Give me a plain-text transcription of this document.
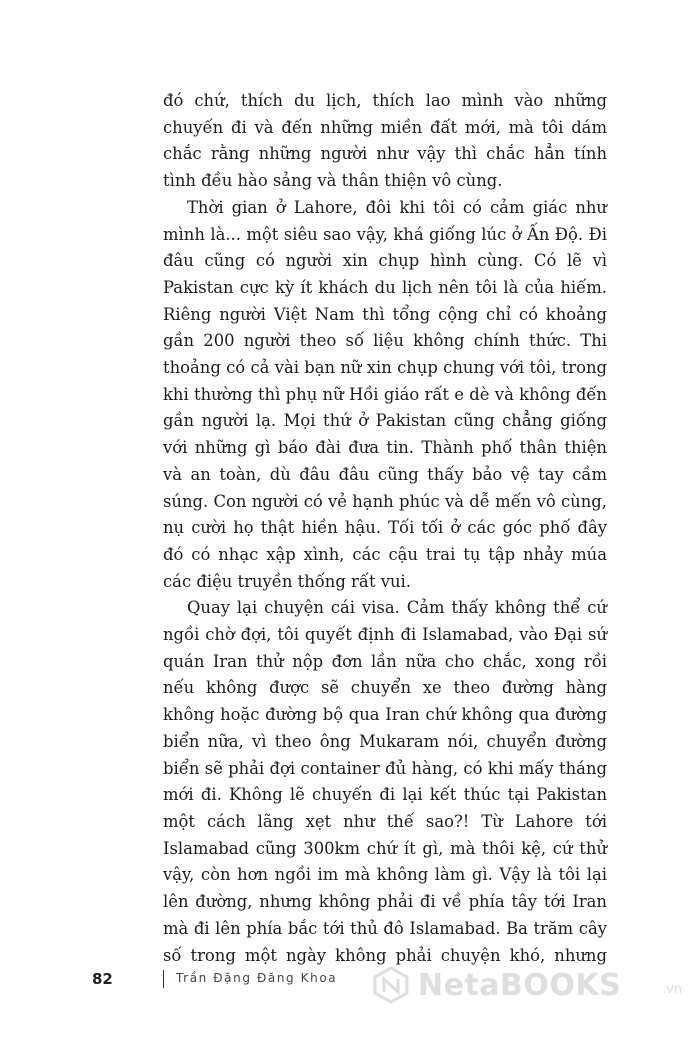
đó chứ, thích du lịch, thích lao mình vào những chuyến đi và đến những miền đất mới, mà tôi dám chắc rằng những người như vậy thì chắc hẳn tính tình đều hào sảng và thân thiện vô cùng.

Thời gian ở Lahore, đôi khi tôi có cảm giác như mình là... một siêu sao vậy, khá giống lúc ở Ấn Độ. Đi đâu cũng có người xin chụp hình cùng. Có lẽ vì Pakistan cực kỳ ít khách du lịch nên tôi là của hiếm. Riêng người Việt Nam thì tổng cộng chỉ có khoảng gần 200 người theo số liệu không chính thức. Thi thoảng có cả vài bạn nữ xin chụp chung với tôi, trong khi thường thì phụ nữ Hồi giáo rất e dè và không đến gần người lạ. Mọi thứ ở Pakistan cũng chẳng giống với những gì báo đài đưa tin. Thành phố thân thiện và an toàn, dù đâu đâu cũng thấy bảo vệ tay cầm súng. Con người có vẻ hạnh phúc và dễ mến vô cùng, nụ cười họ thật hiền hậu. Tối tối ở các góc phố đây đó có nhạc xập xình, các cậu trai tụ tập nhảy múa các điệu truyền thống rất vui.

Quay lại chuyện cái visa. Cảm thấy không thể cứ ngồi chờ đợi, tôi quyết định đi Islamabad, vào Đại sứ quán Iran thử nộp đơn lần nữa cho chắc, xong rồi nếu không được sẽ chuyển xe theo đường hàng không hoặc đường bộ qua Iran chứ không qua đường biển nữa, vì theo ông Mukaram nói, chuyển đường biển sẽ phải đợi container đủ hàng, có khi mấy tháng mới đi. Không lẽ chuyến đi lại kết thúc tại Pakistan một cách lãng xẹt như thế sao?! Từ Lahore tới Islamabad cũng 300km chứ ít gì, mà thôi kệ, cứ thử vậy, còn hơn ngồi im mà không làm gì. Vậy là tôi lại lên đường, nhưng không phải đi về phía tây tới Iran mà đi lên phía bắc tới thủ đô Islamabad. Ba trăm cây số trong một ngày không phải chuyện khó, nhưng

82	Trần Đặng Đăng Khoa	NetaBOOKS	.vn
